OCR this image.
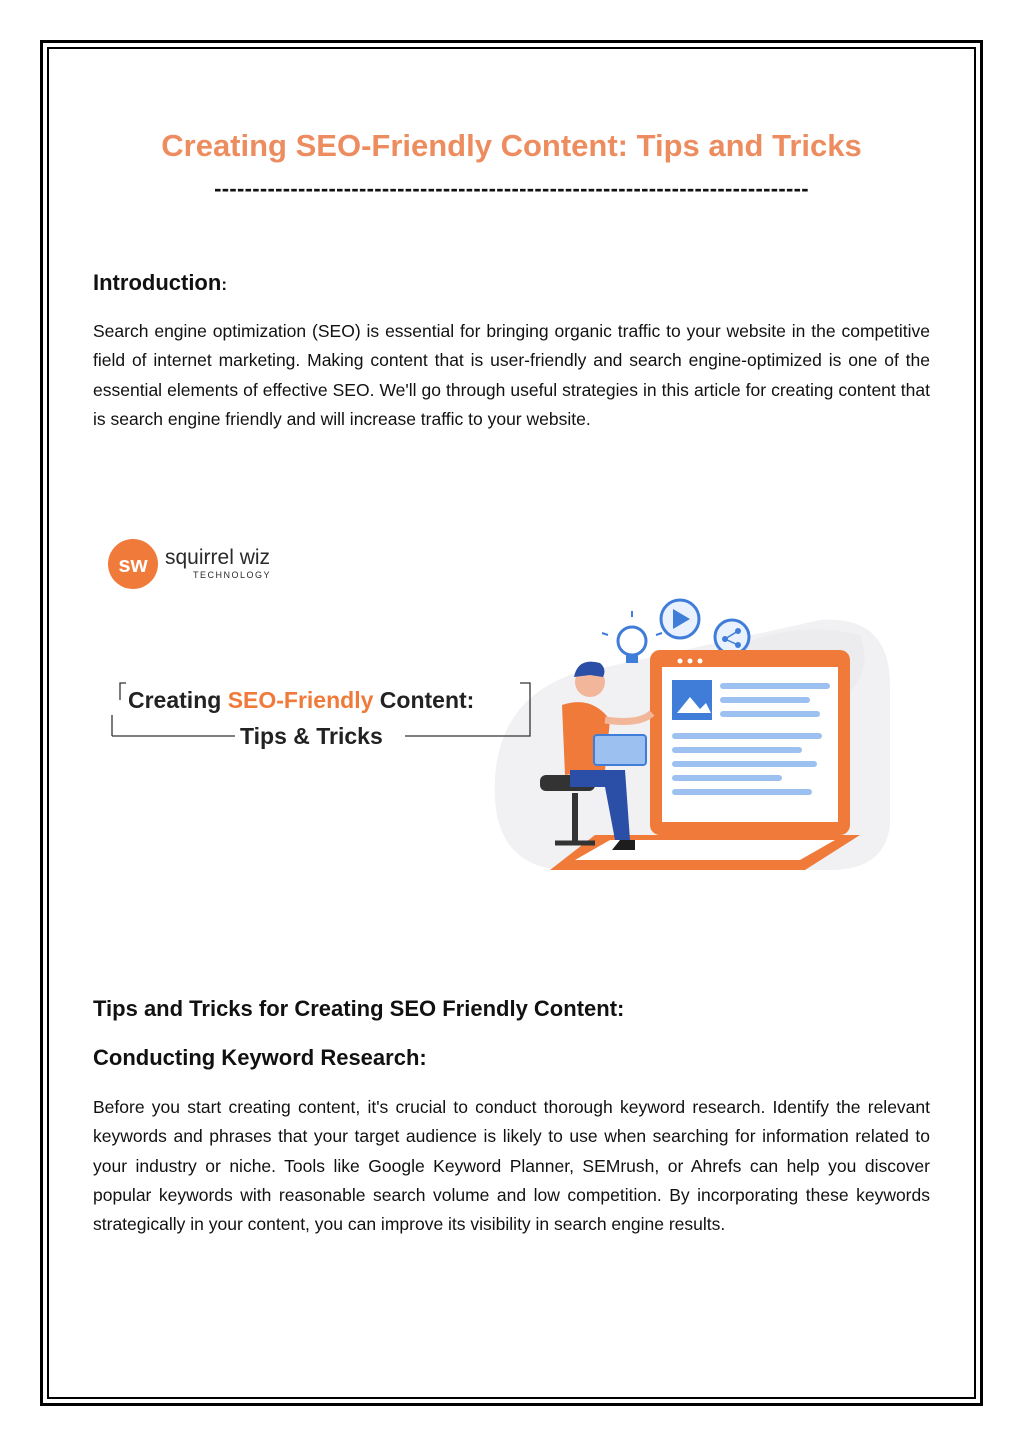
Creating SEO-Friendly Content: Tips and Tricks
------------------------------------------------------------------------------
Introduction:
Search engine optimization (SEO) is essential for bringing organic traffic to your website in the competitive field of internet marketing. Making content that is user-friendly and search engine-optimized is one of the essential elements of effective SEO. We'll go through useful strategies in this article for creating content that is search engine friendly and will increase traffic to your website.
sw squirrel wiz
TECHNOLOGY
Creating SEO-Friendly Content:
Tips & Tricks
Tips and Tricks for Creating SEO Friendly Content:
Conducting Keyword Research:
Before you start creating content, it's crucial to conduct thorough keyword research. Identify the relevant keywords and phrases that your target audience is likely to use when searching for information related to your industry or niche. Tools like Google Keyword Planner, SEMrush, or Ahrefs can help you discover popular keywords with reasonable search volume and low competition. By incorporating these keywords strategically in your content, you can improve its visibility in search engine results.
